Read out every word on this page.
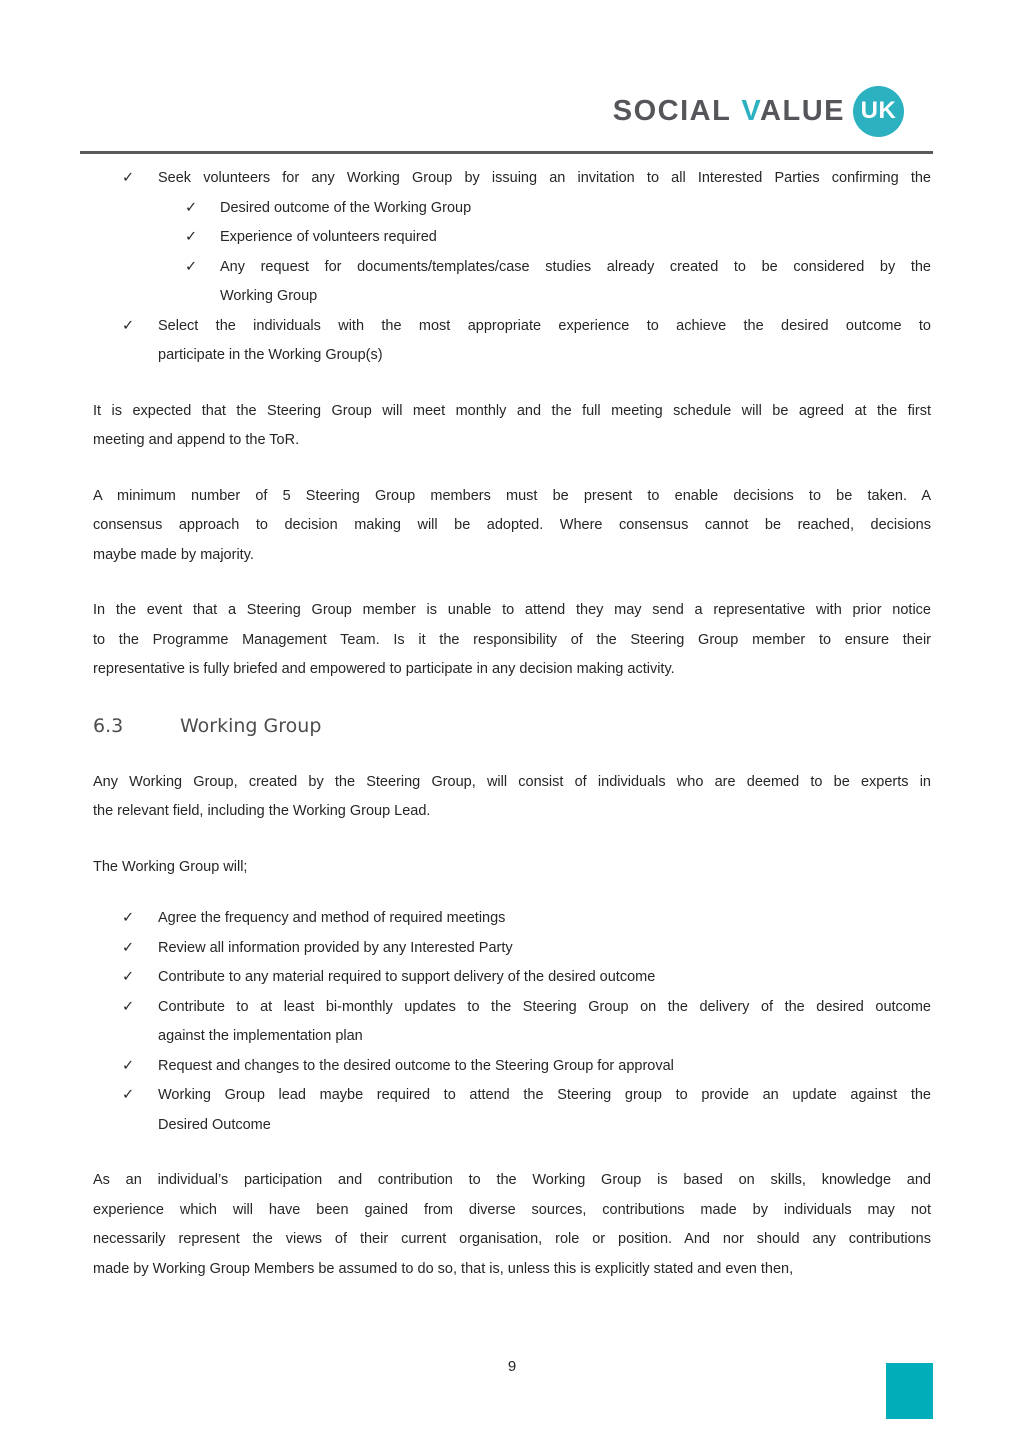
SOCIAL VALUE UK
✓ Seek volunteers for any Working Group by issuing an invitation to all Interested Parties confirming the
✓ Desired outcome of the Working Group
✓ Experience of volunteers required
✓ Any request for documents/templates/case studies already created to be considered by the
Working Group
✓ Select the individuals with the most appropriate experience to achieve the desired outcome to
participate in the Working Group(s)
It is expected that the Steering Group will meet monthly and the full meeting schedule will be agreed at the first
meeting and append to the ToR.
A minimum number of 5 Steering Group members must be present to enable decisions to be taken. A
consensus approach to decision making will be adopted. Where consensus cannot be reached, decisions
maybe made by majority.
In the event that a Steering Group member is unable to attend they may send a representative with prior notice
to the Programme Management Team. Is it the responsibility of the Steering Group member to ensure their
representative is fully briefed and empowered to participate in any decision making activity.
6.3	Working Group
Any Working Group, created by the Steering Group, will consist of individuals who are deemed to be experts in
the relevant field, including the Working Group Lead.
The Working Group will;
✓ Agree the frequency and method of required meetings
✓ Review all information provided by any Interested Party
✓ Contribute to any material required to support delivery of the desired outcome
✓ Contribute to at least bi-monthly updates to the Steering Group on the delivery of the desired outcome
against the implementation plan
✓ Request and changes to the desired outcome to the Steering Group for approval
✓ Working Group lead maybe required to attend the Steering group to provide an update against the
Desired Outcome
As an individual’s participation and contribution to the Working Group is based on skills, knowledge and
experience which will have been gained from diverse sources, contributions made by individuals may not
necessarily represent the views of their current organisation, role or position. And nor should any contributions
made by Working Group Members be assumed to do so, that is, unless this is explicitly stated and even then,
9
